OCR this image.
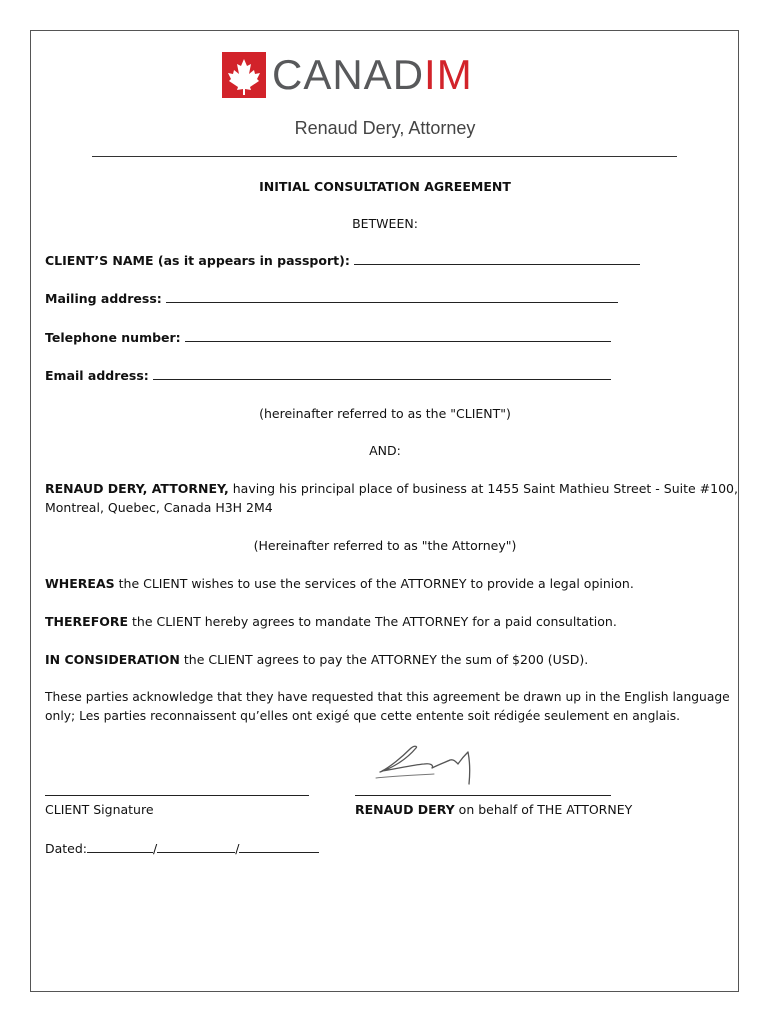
CANADIM
Renaud Dery, Attorney
INITIAL CONSULTATION AGREEMENT
BETWEEN:
CLIENT’S NAME (as it appears in passport):
Mailing address:
Telephone number:
Email address:
(hereinafter referred to as the "CLIENT")
AND:
RENAUD DERY, ATTORNEY, having his principal place of business at 1455 Saint Mathieu Street - Suite #100,
Montreal, Quebec, Canada H3H 2M4
(Hereinafter referred to as "the Attorney")
WHEREAS the CLIENT wishes to use the services of the ATTORNEY to provide a legal opinion.
THEREFORE the CLIENT hereby agrees to mandate The ATTORNEY for a paid consultation.
IN CONSIDERATION the CLIENT agrees to pay the ATTORNEY the sum of $200 (USD).
These parties acknowledge that they have requested that this agreement be drawn up in the English language
only; Les parties reconnaissent qu’elles ont exigé que cette entente soit rédigée seulement en anglais.
CLIENT Signature	RENAUD DERY on behalf of THE ATTORNEY
Dated:	/	/
